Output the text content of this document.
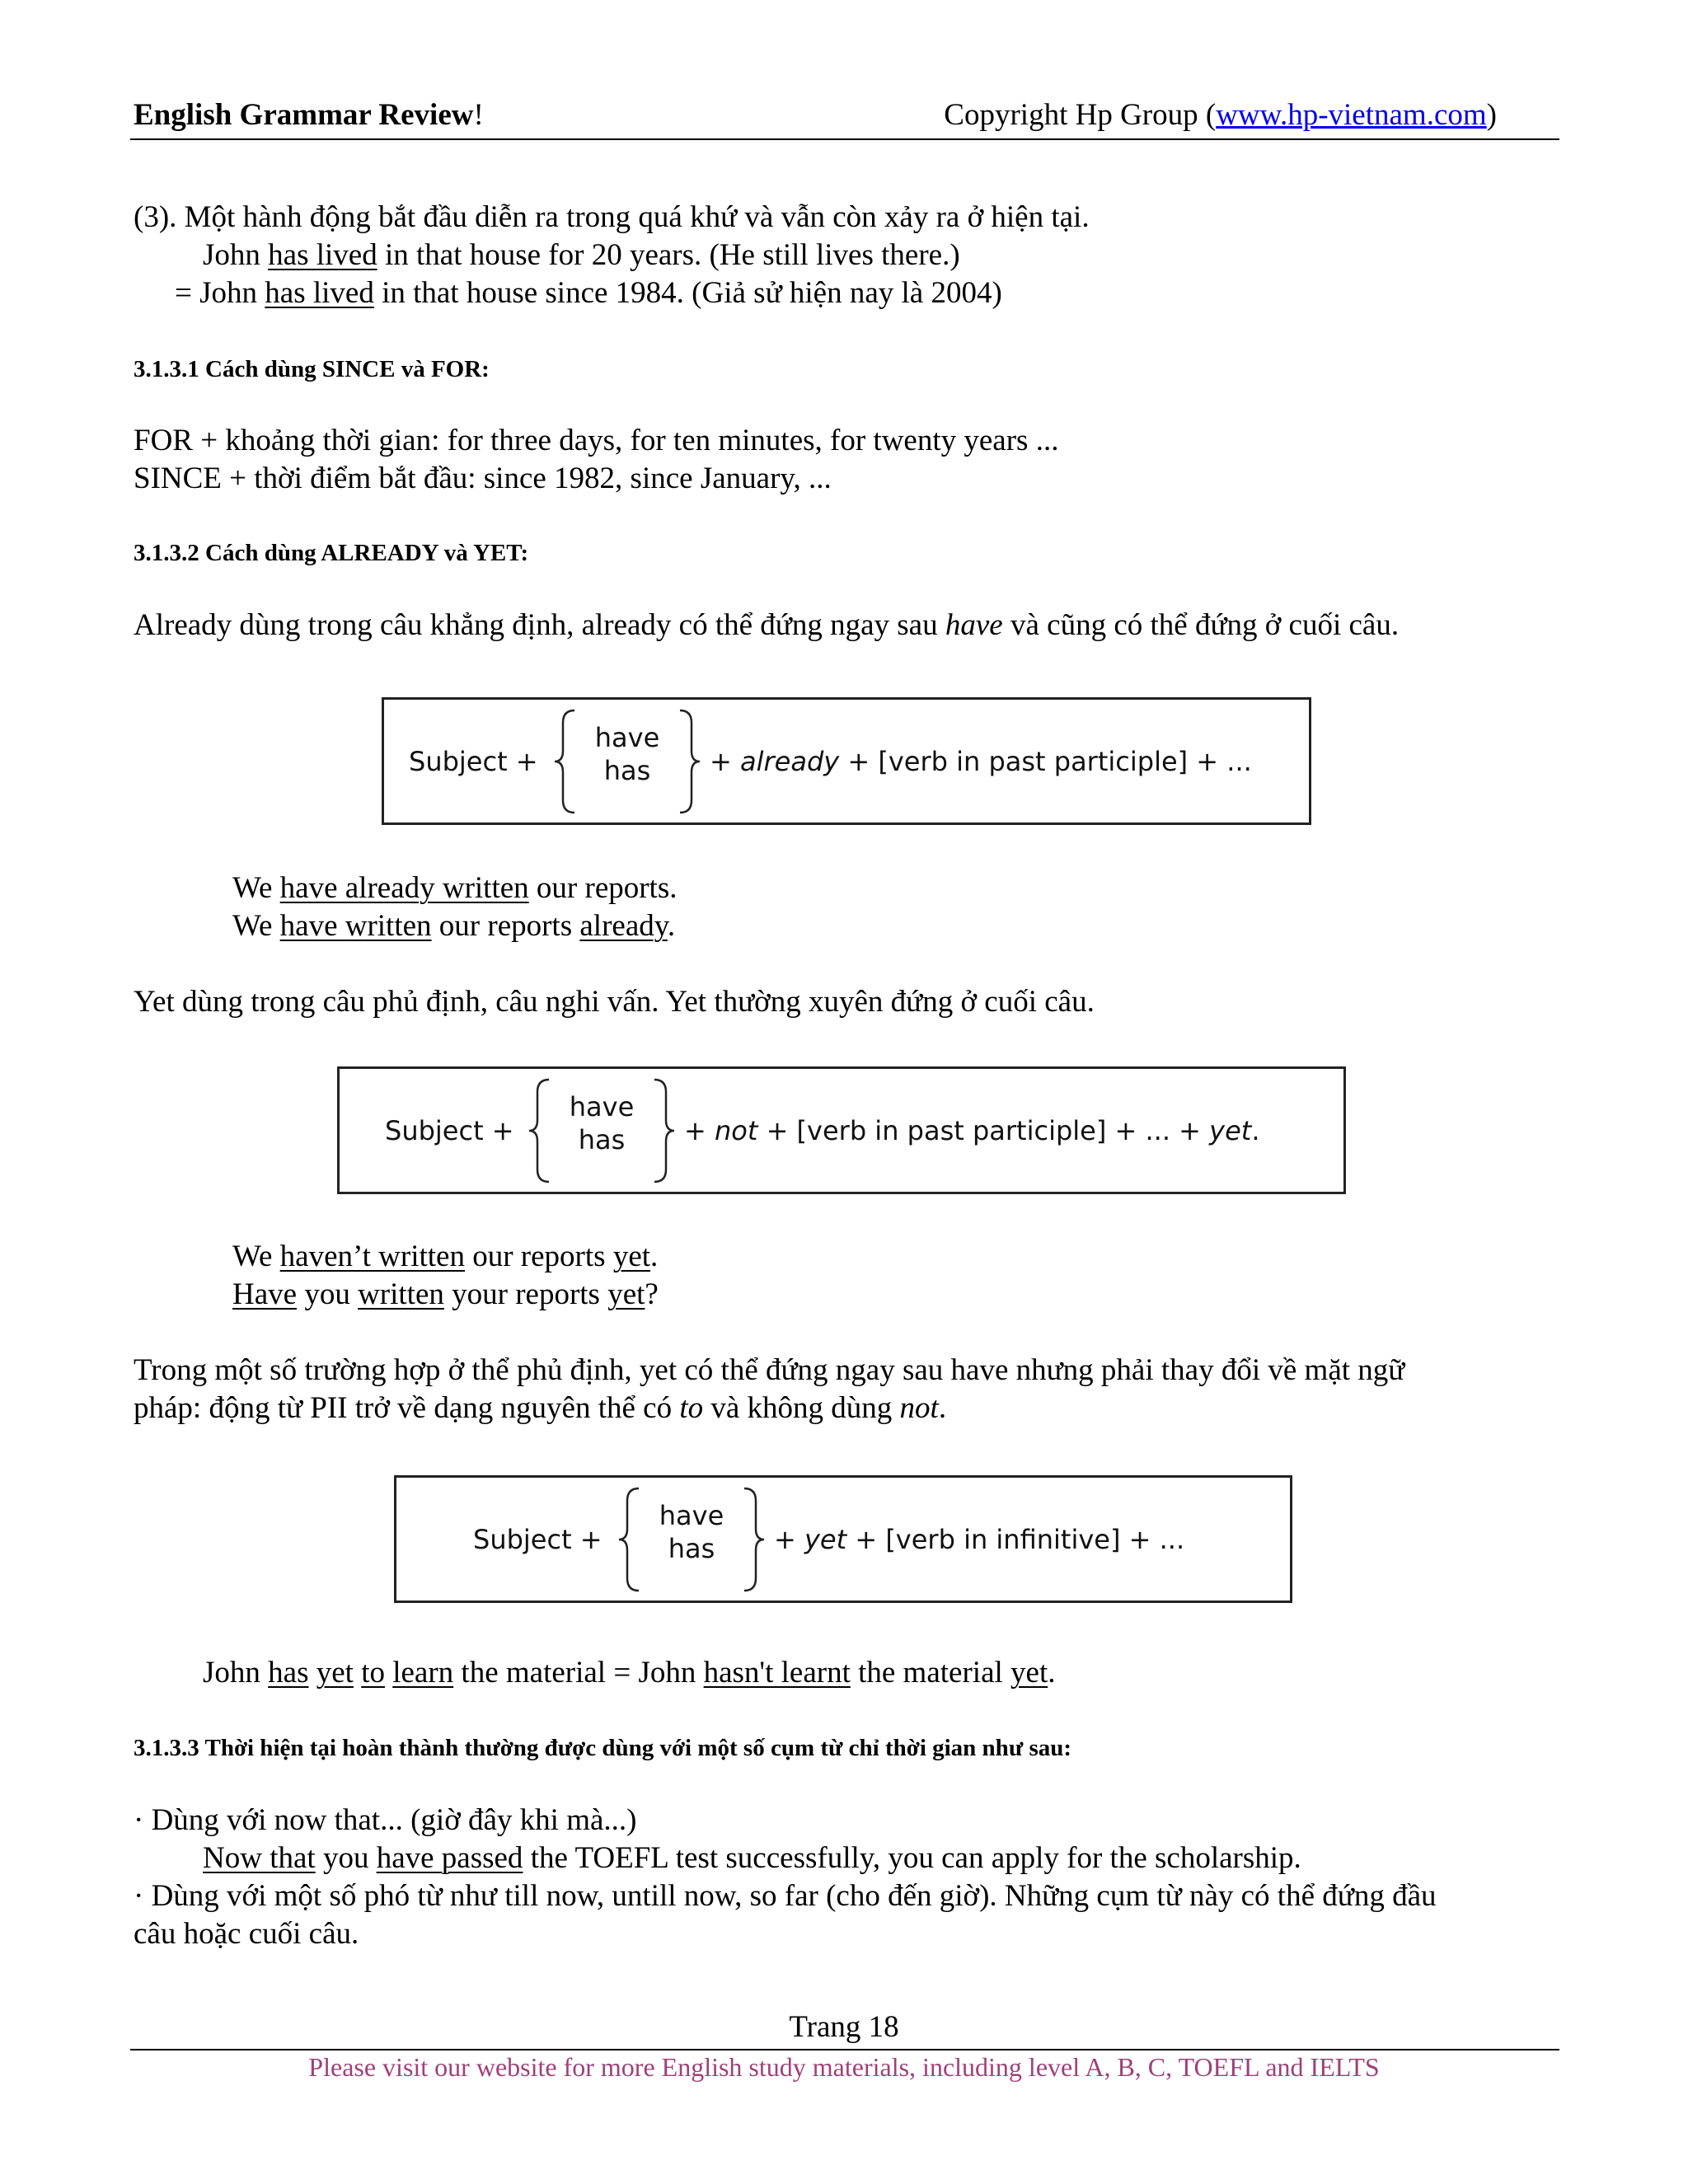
English Grammar Review!	Copyright Hp Group (www.hp-vietnam.com)
(3). Một hành động bắt đầu diễn ra trong quá khứ và vẫn còn xảy ra ở hiện tại.
John has lived in that house for 20 years. (He still lives there.)
= John has lived in that house since 1984. (Giả sử hiện nay là 2004)
3.1.3.1 Cách dùng SINCE và FOR:
FOR + khoảng thời gian: for three days, for ten minutes, for twenty years ...
SINCE + thời điểm bắt đầu: since 1982, since January, ...
3.1.3.2 Cách dùng ALREADY và YET:
Already dùng trong câu khẳng định, already có thể đứng ngay sau have và cũng có thể đứng ở cuối câu.
Subject +
have
has	+ already + [verb in past participle] + ...
We have already written our reports.
We have written our reports already.
Yet dùng trong câu phủ định, câu nghi vấn. Yet thường xuyên đứng ở cuối câu.
Subject +
have
has	+ not + [verb in past participle] + ... + yet.
We haven’t written our reports yet.
Have you written your reports yet?
Trong một số trường hợp ở thể phủ định, yet có thể đứng ngay sau have nhưng phải thay đổi về mặt ngữ
pháp: động từ PII trở về dạng nguyên thể có to và không dùng not.
Subject +
have
has	+ yet + [verb in infinitive] + ...
John has yet to learn the material = John hasn't learnt the material yet.
3.1.3.3 Thời hiện tại hoàn thành thường được dùng với một số cụm từ chỉ thời gian như sau:
· Dùng với now that... (giờ đây khi mà...)
Now that you have passed the TOEFL test successfully, you can apply for the scholarship.
· Dùng với một số phó từ như till now, untill now, so far (cho đến giờ). Những cụm từ này có thể đứng đầu
câu hoặc cuối câu.
Trang 18
Please visit our website for more English study materials, including level A, B, C, TOEFL and IELTS
